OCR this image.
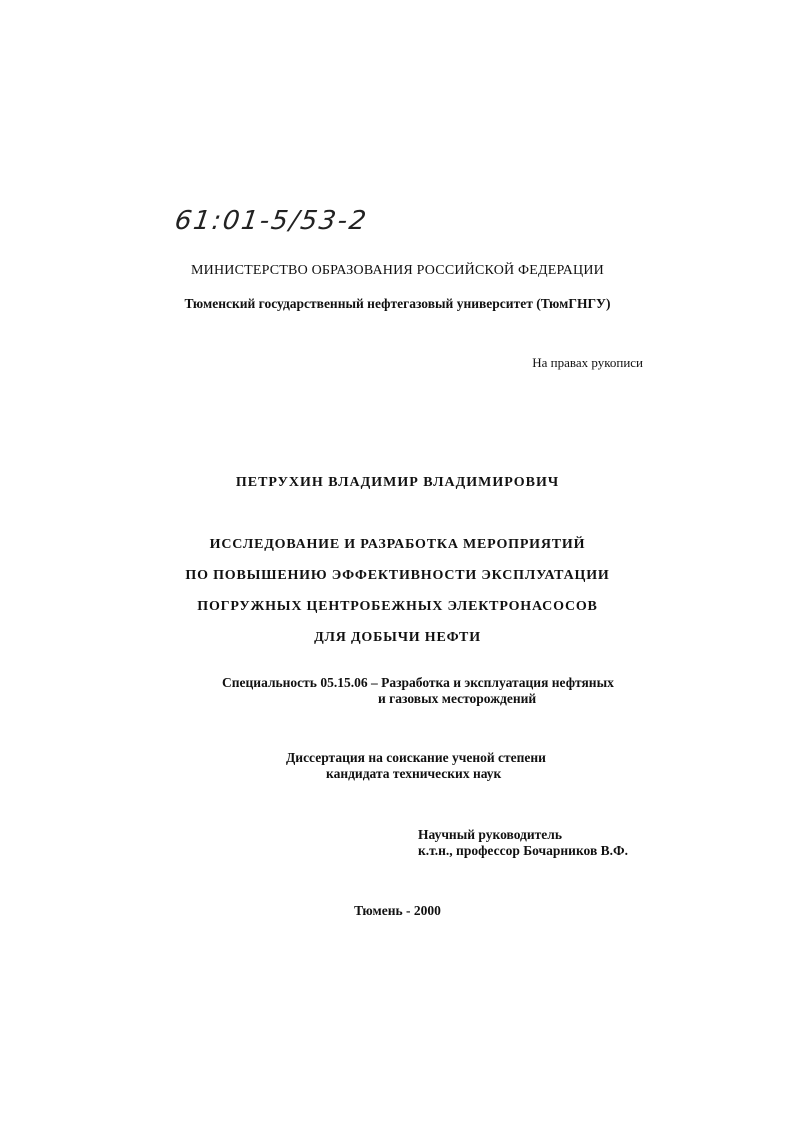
61:01-5/53-2
МИНИСТЕРСТВО ОБРАЗОВАНИЯ РОССИЙСКОЙ ФЕДЕРАЦИИ
Тюменский государственный нефтегазовый университет (ТюмГНГУ)
На правах рукописи
ПЕТРУХИН ВЛАДИМИР ВЛАДИМИРОВИЧ
ИССЛЕДОВАНИЕ И РАЗРАБОТКА МЕРОПРИЯТИЙ
ПО ПОВЫШЕНИЮ ЭФФЕКТИВНОСТИ ЭКСПЛУАТАЦИИ
ПОГРУЖНЫХ ЦЕНТРОБЕЖНЫХ ЭЛЕКТРОНАСОСОВ
ДЛЯ ДОБЫЧИ НЕФТИ
Специальность 05.15.06 – Разработка и эксплуатация нефтяных
и газовых месторождений
Диссертация на соискание ученой степени
кандидата технических наук
Научный руководитель
к.т.н., профессор Бочарников В.Ф.
Тюмень - 2000
